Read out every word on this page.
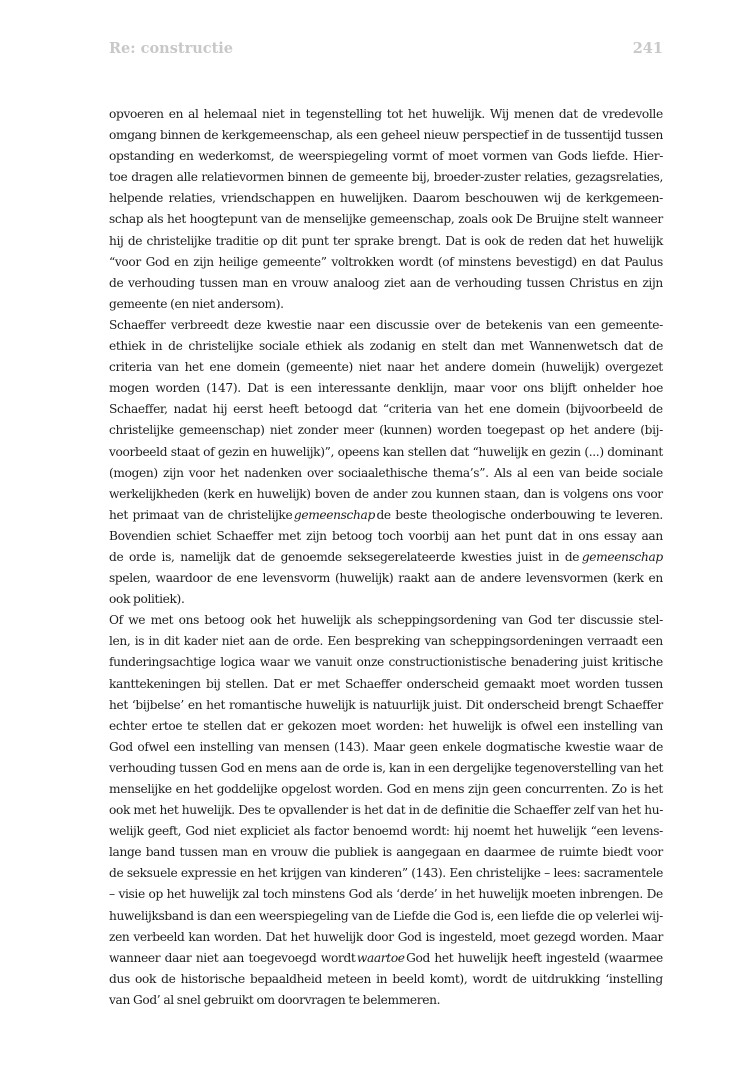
Re: constructie	241
opvoeren en al helemaal niet in tegenstelling tot het huwelijk. Wij menen dat de vredevolle
omgang binnen de kerkgemeenschap, als een geheel nieuw perspectief in de tussentijd tussen
opstanding en wederkomst, de weerspiegeling vormt of moet vormen van Gods liefde. Hier-
toe dragen alle relatievormen binnen de gemeente bij, broeder-zuster relaties, gezagsrelaties,
helpende relaties, vriendschappen en huwelijken. Daarom beschouwen wij de kerkgemeen-
schap als het hoogtepunt van de menselijke gemeenschap, zoals ook De Bruijne stelt wanneer
hij de christelijke traditie op dit punt ter sprake brengt. Dat is ook de reden dat het huwelijk
“voor God en zijn heilige gemeente” voltrokken wordt (of minstens bevestigd) en dat Paulus
de verhouding tussen man en vrouw analoog ziet aan de verhouding tussen Christus en zijn
gemeente (en niet andersom).
Schaeffer verbreedt deze kwestie naar een discussie over de betekenis van een gemeente-
ethiek in de christelijke sociale ethiek als zodanig en stelt dan met Wannenwetsch dat de
criteria van het ene domein (gemeente) niet naar het andere domein (huwelijk) overgezet
mogen worden (147). Dat is een interessante denklijn, maar voor ons blijft onhelder hoe
Schaeffer, nadat hij eerst heeft betoogd dat “criteria van het ene domein (bijvoorbeeld de
christelijke gemeenschap) niet zonder meer (kunnen) worden toegepast op het andere (bij-
voorbeeld staat of gezin en huwelijk)”, opeens kan stellen dat “huwelijk en gezin (...) dominant
(mogen) zijn voor het nadenken over sociaalethische thema’s”. Als al een van beide sociale
werkelijkheden (kerk en huwelijk) boven de ander zou kunnen staan, dan is volgens ons voor
het primaat van de christelijke gemeenschap de beste theologische onderbouwing te leveren.
Bovendien schiet Schaeffer met zijn betoog toch voorbij aan het punt dat in ons essay aan
de orde is, namelijk dat de genoemde seksegerelateerde kwesties juist in de gemeenschap
spelen, waardoor de ene levensvorm (huwelijk) raakt aan de andere levensvormen (kerk en
ook politiek).
Of we met ons betoog ook het huwelijk als scheppingsordening van God ter discussie stel-
len, is in dit kader niet aan de orde. Een bespreking van scheppingsordeningen verraadt een
funderingsachtige logica waar we vanuit onze constructionistische benadering juist kritische
kanttekeningen bij stellen. Dat er met Schaeffer onderscheid gemaakt moet worden tussen
het ‘bijbelse’ en het romantische huwelijk is natuurlijk juist. Dit onderscheid brengt Schaeffer
echter ertoe te stellen dat er gekozen moet worden: het huwelijk is ofwel een instelling van
God ofwel een instelling van mensen (143). Maar geen enkele dogmatische kwestie waar de
verhouding tussen God en mens aan de orde is, kan in een dergelijke tegenoverstelling van het
menselijke en het goddelijke opgelost worden. God en mens zijn geen concurrenten. Zo is het
ook met het huwelijk. Des te opvallender is het dat in de definitie die Schaeffer zelf van het hu-
welijk geeft, God niet expliciet als factor benoemd wordt: hij noemt het huwelijk “een levens-
lange band tussen man en vrouw die publiek is aangegaan en daarmee de ruimte biedt voor
de seksuele expressie en het krijgen van kinderen” (143). Een christelijke – lees: sacramentele
– visie op het huwelijk zal toch minstens God als ‘derde’ in het huwelijk moeten inbrengen. De
huwelijksband is dan een weerspiegeling van de Liefde die God is, een liefde die op velerlei wij-
zen verbeeld kan worden. Dat het huwelijk door God is ingesteld, moet gezegd worden. Maar
wanneer daar niet aan toegevoegd wordt waartoe God het huwelijk heeft ingesteld (waarmee
dus ook de historische bepaaldheid meteen in beeld komt), wordt de uitdrukking ‘instelling
van God’ al snel gebruikt om doorvragen te belemmeren.
